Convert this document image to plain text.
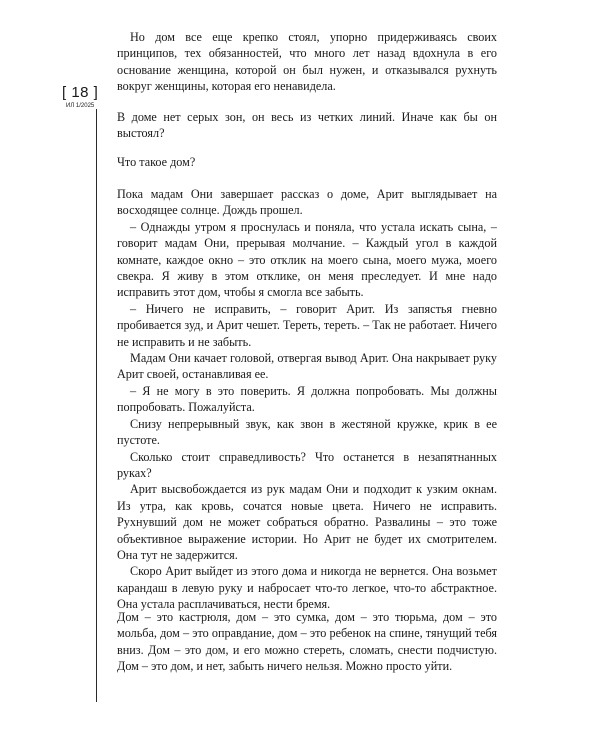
[ 18 ]

ИЛ 1/2025

Но дом все еще крепко стоял, упорно придерживаясь своих принципов, тех обязанностей, что много лет назад вдохнула в его основание женщина, которой он был нужен, и отказывался рухнуть вокруг женщины, которая его ненавидела.

В доме нет серых зон, он весь из четких линий. Иначе как бы он выстоял?

Что такое дом?

Пока мадам Они завершает рассказ о доме, Арит выглядывает на восходящее солнце. Дождь прошел.

– Однажды утром я проснулась и поняла, что устала искать сына, – говорит мадам Они, прерывая молчание. – Каждый угол в каждой комнате, каждое окно – это отклик на моего сына, моего мужа, моего свекра. Я живу в этом отклике, он меня преследует. И мне надо исправить этот дом, чтобы я смогла все забыть.

– Ничего не исправить, – говорит Арит. Из запястья гневно пробивается зуд, и Арит чешет. Тереть, тереть. – Так не работает. Ничего не исправить и не забыть.

Мадам Они качает головой, отвергая вывод Арит. Она накрывает руку Арит своей, останавливая ее.

– Я не могу в это поверить. Я должна попробовать. Мы должны попробовать. Пожалуйста.

Снизу непрерывный звук, как звон в жестяной кружке, крик в ее пустоте.

Сколько стоит справедливость? Что останется в незапятнанных руках?

Арит высвобождается из рук мадам Они и подходит к узким окнам. Из утра, как кровь, сочатся новые цвета. Ничего не исправить. Рухнувший дом не может собраться обратно. Развалины – это тоже объективное выражение истории. Но Арит не будет их смотрителем. Она тут не задержится.

Скоро Арит выйдет из этого дома и никогда не вернется. Она возьмет карандаш в левую руку и набросает что-то легкое, что-то абстрактное. Она устала расплачиваться, нести бремя.

Дом – это кастрюля, дом – это сумка, дом – это тюрьма, дом – это мольба, дом – это оправдание, дом – это ребенок на спине, тянущий тебя вниз. Дом – это дом, и его можно стереть, сломать, снести подчистую. Дом – это дом, и нет, забыть ничего нельзя. Можно просто уйти.
